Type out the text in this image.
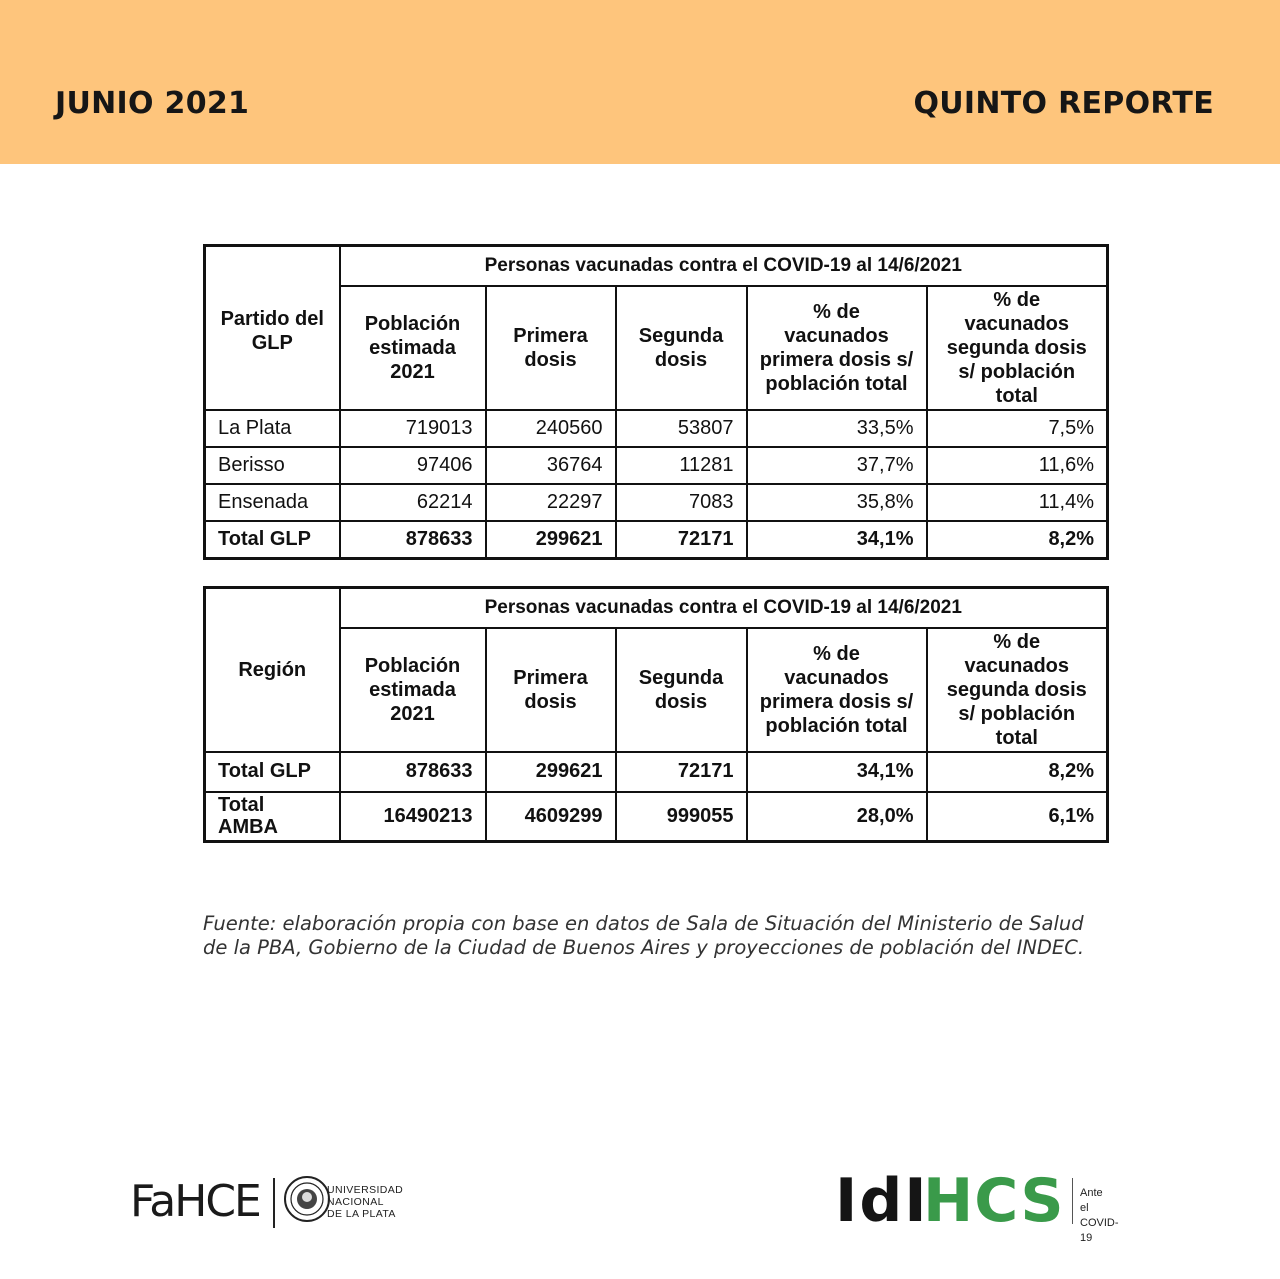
JUNIO 2021	QUINTO REPORTE
Partido del GLP	Personas vacunadas contra el COVID-19 al 14/6/2021				
	Población estimada 2021	Primera dosis	Segunda dosis	% de vacunados primera dosis s/ población total	% de vacunados segunda dosis s/ población total
La Plata	719013	240560	53807	33,5%	7,5%
Berisso	97406	36764	11281	37,7%	11,6%
Ensenada	62214	22297	7083	35,8%	11,4%
Total GLP	878633	299621	72171	34,1%	8,2%
Región	Personas vacunadas contra el COVID-19 al 14/6/2021				
	Población estimada 2021	Primera dosis	Segunda dosis	% de vacunados primera dosis s/ población total	% de vacunados segunda dosis s/ población total
Total GLP	878633	299621	72171	34,1%	8,2%
Total AMBA	16490213	4609299	999055	28,0%	6,1%
Fuente: elaboración propia con base en datos de Sala de Situación del Ministerio de Salud de la PBA, Gobierno de la Ciudad de Buenos Aires y proyecciones de población del INDEC.
FaHCE	UNIVERSIDAD
NACIONAL
DE LA PLATA	IdI
HCS Ante
el COVID-19
